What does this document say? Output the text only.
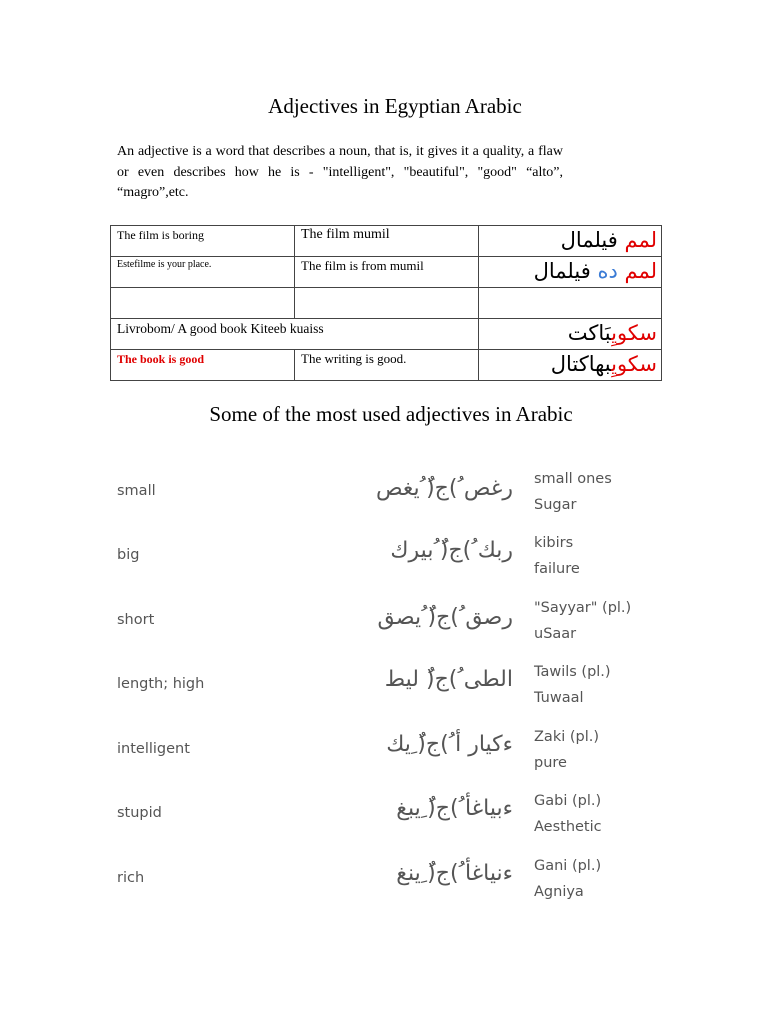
Adjectives in Egyptian Arabic
An adjective is a word that describes a noun, that is, it gives it a quality, a flaw or even describes how he is - "intelligent", "beautiful", "good" “alto”, “magro”,etc.
The film is boring	The film mumil	لمم فيلمال
Estefilme is your place.	The film is from mumil	لمم ده فيلمال

Livrobom/ A good book Kiteeb kuaiss		سكويِبَاكت
The book is good	The writing is good.	سكويِبهاكتال
Some of the most used adjectives in Arabic
small	رغص ُ)ج(ُ ُيغص small ones
Sugar
big	ربك ُ)ج(ُ ُبيرك kibirs
failure
short	رصق ُ)ج(ُ ُيصق "Sayyar" (pl.)
uSaar
length; high	الطى ُ)ج(ُ ليط Tawils (pl.)
Tuwaal
intelligent	ءكيار أ ُ)ج(ُ ِيك Zaki (pl.)
pure
stupid	ءبياغأ ُ)ج(ُ ِيبغ Gabi (pl.)
Aesthetic
rich	ءنياغأ ُ)ج(ُ ِينغ Gani (pl.)
Agniya
